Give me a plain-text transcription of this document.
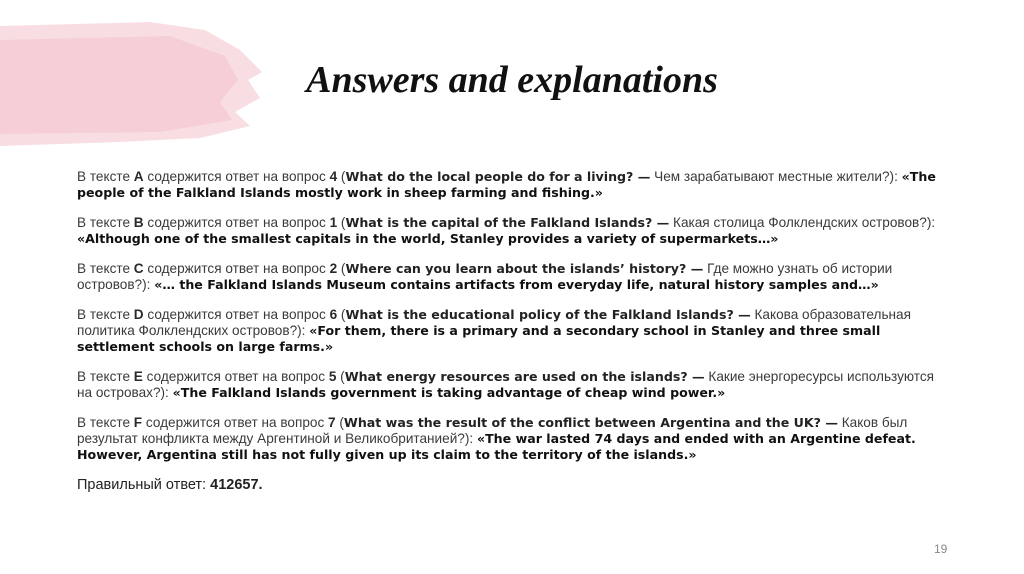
Answers and explanations

В тексте A содержится ответ на вопрос 4 (What do the local people do for a living? — Чем зарабатывают местные жители?): «The people of the Falkland Islands mostly work in sheep farming and fishing.»

В тексте B содержится ответ на вопрос 1 (What is the capital of the Falkland Islands? — Какая столица Фолклендских островов?): «Although one of the smallest capitals in the world, Stanley provides a variety of supermarkets…»

В тексте C содержится ответ на вопрос 2 (Where can you learn about the islands’ history? — Где можно узнать об истории островов?): «… the Falkland Islands Museum contains artifacts from everyday life, natural history samples and…»

В тексте D содержится ответ на вопрос 6 (What is the educational policy of the Falkland Islands? — Какова образовательная политика Фолклендских островов?): «For them, there is a primary and a secondary school in Stanley and three small settlement schools on large farms.»

В тексте E содержится ответ на вопрос 5 (What energy resources are used on the islands? — Какие энергоресурсы используются на островах?): «The Falkland Islands government is taking advantage of cheap wind power.»

В тексте F содержится ответ на вопрос 7 (What was the result of the conflict between Argentina and the UK? — Каков был результат конфликта между Аргентиной и Великобританией?): «The war lasted 74 days and ended with an Argentine defeat. However, Argentina still has not fully given up its claim to the territory of the islands.»

Правильный ответ: 412657.

19
